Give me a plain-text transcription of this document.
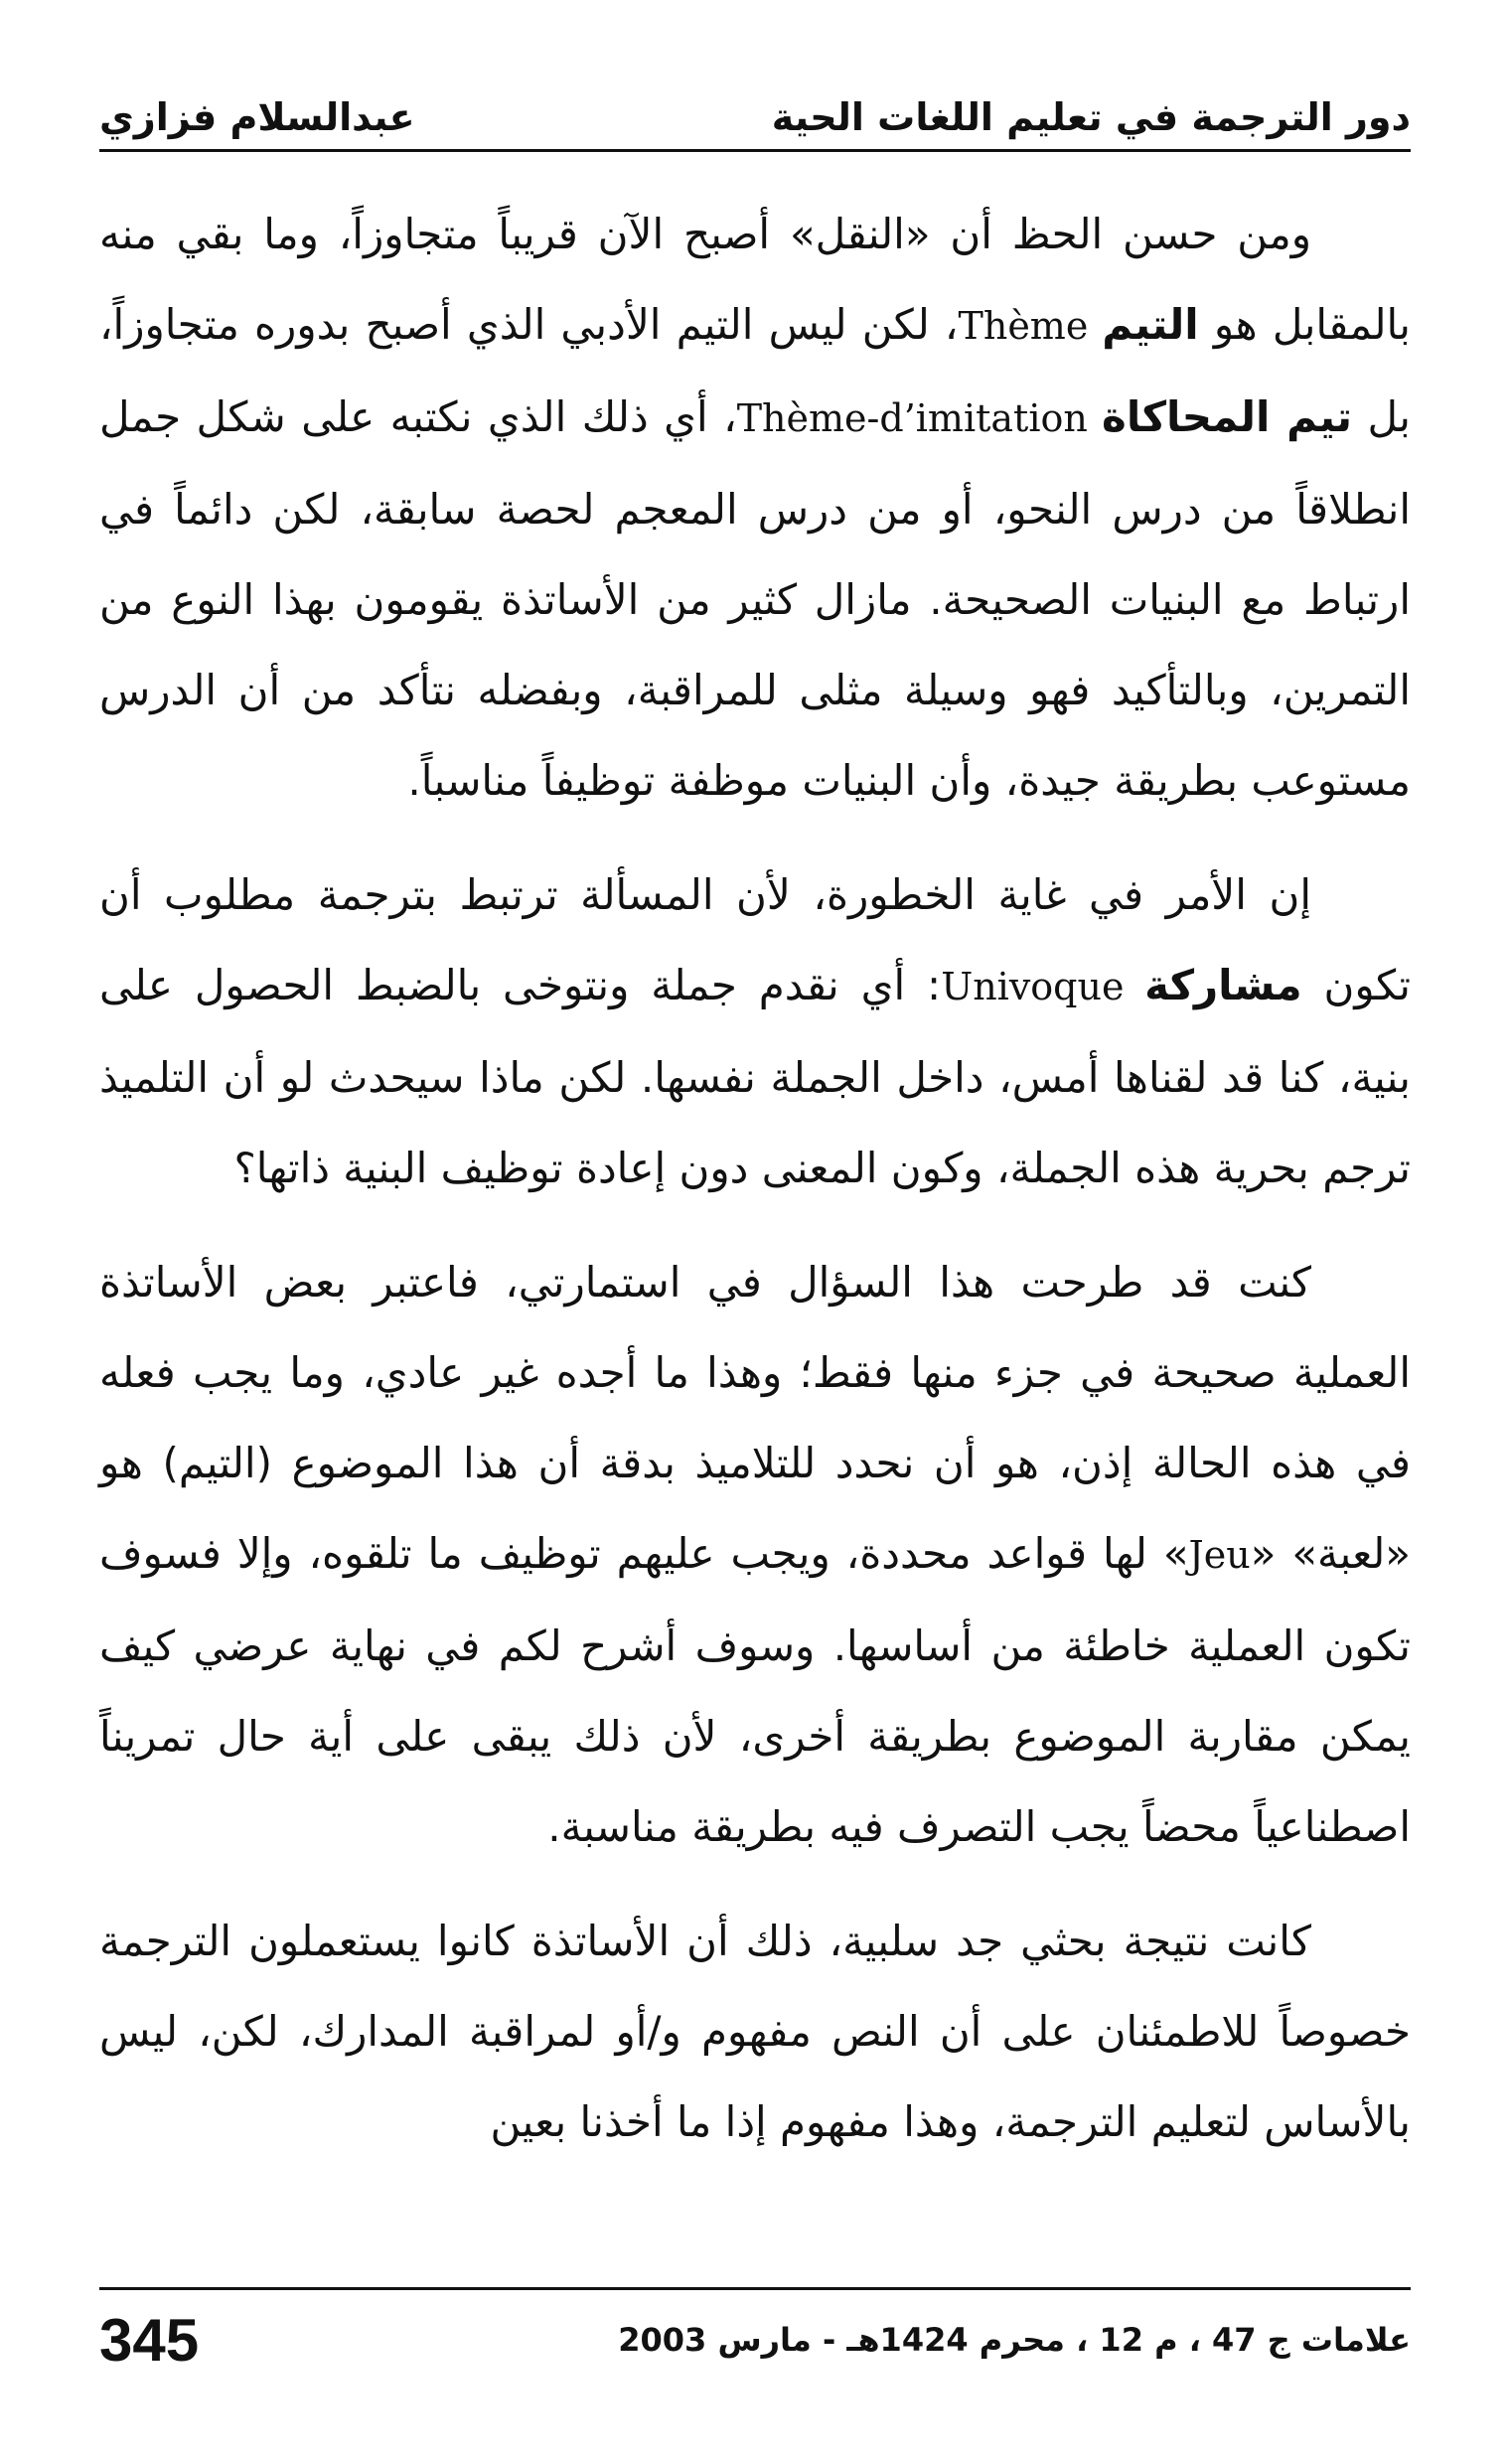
دور الترجمة في تعليم اللغات الحية
عبدالسلام فزازي

ومن حسن الحظ أن «النقل» أصبح الآن قريباً متجاوزاً، وما بقي منه بالمقابل هو التيم Thème، لكن ليس التيم الأدبي الذي أصبح بدوره متجاوزاً، بل تيم المحاكاة Thème-d’imitation، أي ذلك الذي نكتبه على شكل جمل انطلاقاً من درس النحو، أو من درس المعجم لحصة سابقة، لكن دائماً في ارتباط مع البنيات الصحيحة. مازال كثير من الأساتذة يقومون بهذا النوع من التمرين، وبالتأكيد فهو وسيلة مثلى للمراقبة، وبفضله نتأكد من أن الدرس مستوعب بطريقة جيدة، وأن البنيات موظفة توظيفاً مناسباً.

إن الأمر في غاية الخطورة، لأن المسألة ترتبط بترجمة مطلوب أن تكون مشاركة Univoque: أي نقدم جملة ونتوخى بالضبط الحصول على بنية، كنا قد لقناها أمس، داخل الجملة نفسها. لكن ماذا سيحدث لو أن التلميذ ترجم بحرية هذه الجملة، وكون المعنى دون إعادة توظيف البنية ذاتها؟

كنت قد طرحت هذا السؤال في استمارتي، فاعتبر بعض الأساتذة العملية صحيحة في جزء منها فقط؛ وهذا ما أجده غير عادي، وما يجب فعله في هذه الحالة إذن، هو أن نحدد للتلاميذ بدقة أن هذا الموضوع (التيم) هو «لعبة» «Jeu» لها قواعد محددة، ويجب عليهم توظيف ما تلقوه، وإلا فسوف تكون العملية خاطئة من أساسها. وسوف أشرح لكم في نهاية عرضي كيف يمكن مقاربة الموضوع بطريقة أخرى، لأن ذلك يبقى على أية حال تمريناً اصطناعياً محضاً يجب التصرف فيه بطريقة مناسبة.

كانت نتيجة بحثي جد سلبية، ذلك أن الأساتذة كانوا يستعملون الترجمة خصوصاً للاطمئنان على أن النص مفهوم و/أو لمراقبة المدارك، لكن، ليس بالأساس لتعليم الترجمة، وهذا مفهوم إذا ما أخذنا بعين

345	علامات ج 47 ، م 12 ، محرم 1424هـ - مارس 2003
